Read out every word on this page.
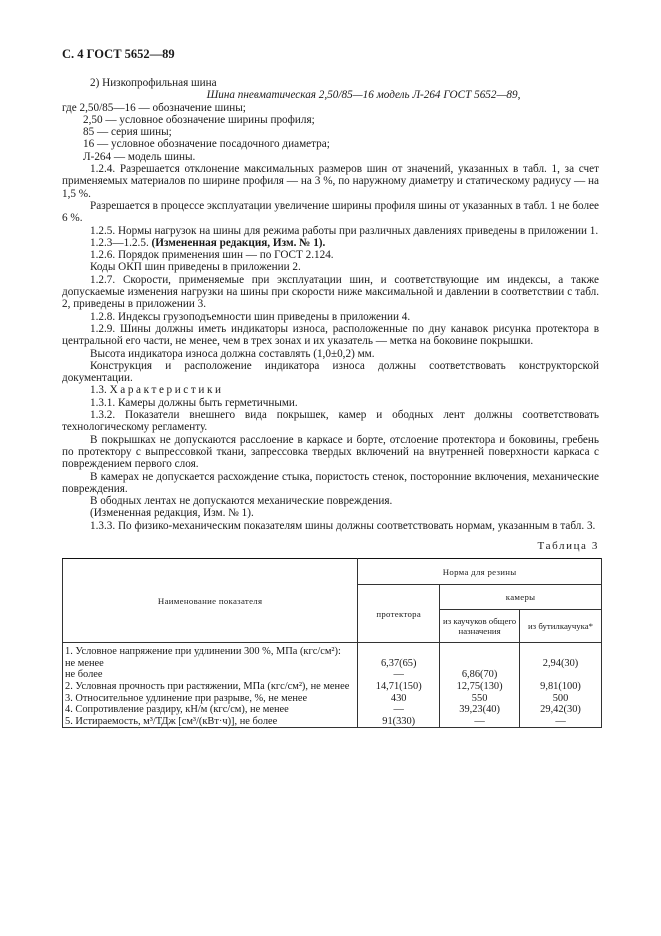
С. 4 ГОСТ 5652—89

2) Низкопрофильная шина

Шина пневматическая 2,50/85—16 модель Л-264 ГОСТ 5652—89,

где 2,50/85—16 — обозначение шины;

2,50 — условное обозначение ширины профиля;

85 — серия шины;

16 — условное обозначение посадочного диаметра;

Л-264 — модель шины.

1.2.4. Разрешается отклонение максимальных размеров шин от значений, указанных в табл. 1, за счет применяемых материалов по ширине профиля — на 3 %, по наружному диаметру и статическому радиусу — на 1,5 %.

Разрешается в процессе эксплуатации увеличение ширины профиля шины от указанных в табл. 1 не более 6 %.

1.2.5. Нормы нагрузок на шины для режима работы при различных давлениях приведены в приложении 1.

1.2.3—1.2.5. (Измененная редакция, Изм. № 1).

1.2.6. Порядок применения шин — по ГОСТ 2.124.

Коды ОКП шин приведены в приложении 2.

1.2.7. Скорости, применяемые при эксплуатации шин, и соответствующие им индексы, а также допускаемые изменения нагрузки на шины при скорости ниже максимальной и давлении в соответствии с табл. 2, приведены в приложении 3.

1.2.8. Индексы грузоподъемности шин приведены в приложении 4.

1.2.9. Шины должны иметь индикаторы износа, расположенные по дну канавок рисунка протектора в центральной его части, не менее, чем в трех зонах и их указатель — метка на боковине покрышки.

Высота индикатора износа должна составлять (1,0±0,2) мм.

Конструкция и расположение индикатора износа должны соответствовать конструкторской документации.

1.3. Характеристики

1.3.1. Камеры должны быть герметичными.

1.3.2. Показатели внешнего вида покрышек, камер и ободных лент должны соответствовать технологическому регламенту.

В покрышках не допускаются расслоение в каркасе и борте, отслоение протектора и боковины, гребень по протектору с выпрессовкой ткани, запрессовка твердых включений на внутренней поверхности каркаса с повреждением первого слоя.

В камерах не допускается расхождение стыка, пористость стенок, посторонние включения, механические повреждения.

В ободных лентах не допускаются механические повреждения.

(Измененная редакция, Изм. № 1).

1.3.3. По физико-механическим показателям шины должны соответствовать нормам, указанным в табл. 3.

Таблица 3
Наименование показателя	Норма для резины		
	протектора	камеры	
		из каучуков общего назначения	из бутилкаучука*
1. Условное напряжение при удлинении 300 %, МПа (кгс/см²):			
не менее	6,37(65)		2,94(30)
не более	—	6,86(70)	
2. Условная прочность при растяжении, МПа (кгс/см²), не менее	14,71(150)	12,75(130)	9,81(100)
3. Относительное удлинение при разрыве, %, не менее	430	550	500
4. Сопротивление раздиру, кН/м (кгс/см), не менее	—	39,23(40)	29,42(30)
5. Истираемость, м³/ТДж [см³/(кВт·ч)], не более	91(330)	—	—
